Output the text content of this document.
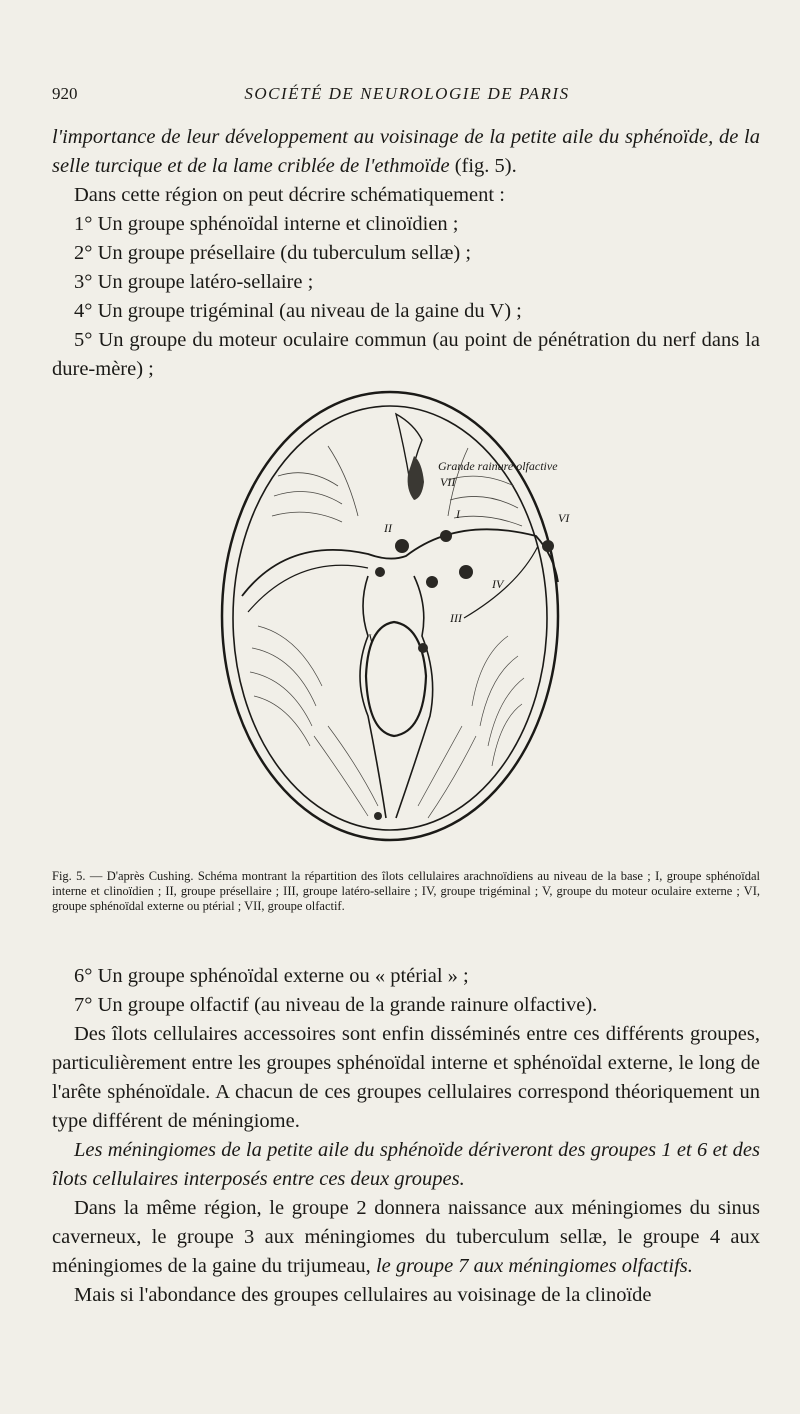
920	SOCIÉTÉ DE NEUROLOGIE DE PARIS

l'importance de leur développement au voisinage de la petite aile du sphénoïde, de la selle turcique et de la lame criblée de l'ethmoïde (fig. 5).

Dans cette région on peut décrire schématiquement :

1° Un groupe sphénoïdal interne et clinoïdien ;

2° Un groupe présellaire (du tuberculum sellæ) ;

3° Un groupe latéro-sellaire ;

4° Un groupe trigéminal (au niveau de la gaine du V) ;

5° Un groupe du moteur oculaire commun (au point de pénétration du nerf dans la dure-mère) ;

Grande rainure olfactive
VII
VI
I
II
III
IV
V

Fig. 5. — D'après Cushing. Schéma montrant la répartition des îlots cellulaires arachnoïdiens au niveau de la base ; I, groupe sphénoïdal interne et clinoïdien ; II, groupe présellaire ; III, groupe latéro-sellaire ; IV, groupe trigéminal ; V, groupe du moteur oculaire externe ; VI, groupe sphénoïdal externe ou ptérial ; VII, groupe olfactif.

6° Un groupe sphénoïdal externe ou « ptérial » ;

7° Un groupe olfactif (au niveau de la grande rainure olfactive).

Des îlots cellulaires accessoires sont enfin disséminés entre ces différents groupes, particulièrement entre les groupes sphénoïdal interne et sphénoïdal externe, le long de l'arête sphénoïdale. A chacun de ces groupes cellulaires correspond théoriquement un type différent de méningiome.

Les méningiomes de la petite aile du sphénoïde dériveront des groupes 1 et 6 et des îlots cellulaires interposés entre ces deux groupes.

Dans la même région, le groupe 2 donnera naissance aux méningiomes du sinus caverneux, le groupe 3 aux méningiomes du tuberculum sellæ, le groupe 4 aux méningiomes de la gaine du trijumeau, le groupe 7 aux méningiomes olfactifs.

Mais si l'abondance des groupes cellulaires au voisinage de la clinoïde
